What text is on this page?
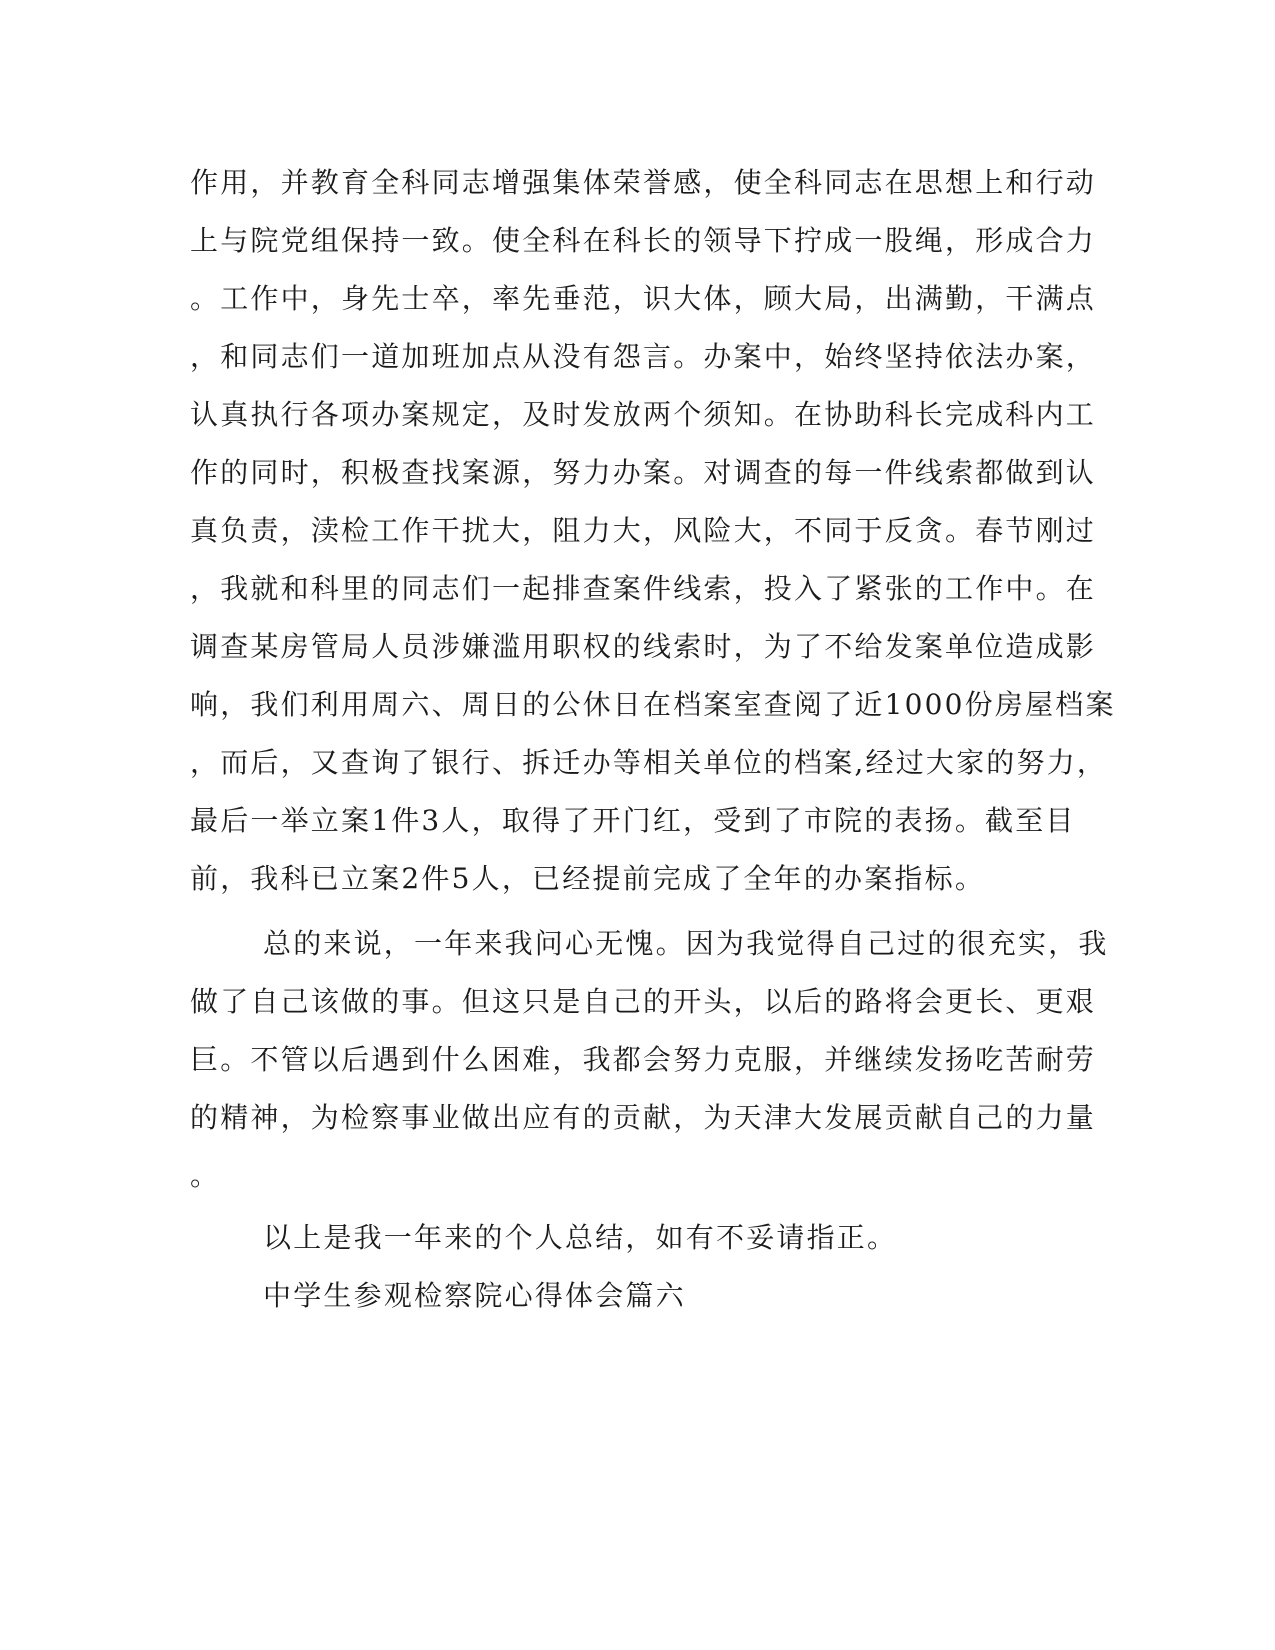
作用，并教育全科同志增强集体荣誉感，使全科同志在思想上和行动
上与院党组保持一致。使全科在科长的领导下拧成一股绳，形成合力
。工作中，身先士卒，率先垂范，识大体，顾大局，出满勤，干满点
，和同志们一道加班加点从没有怨言。办案中，始终坚持依法办案，
认真执行各项办案规定，及时发放两个须知。在协助科长完成科内工
作的同时，积极查找案源，努力办案。对调查的每一件线索都做到认
真负责，渎检工作干扰大，阻力大，风险大，不同于反贪。春节刚过
，我就和科里的同志们一起排查案件线索，投入了紧张的工作中。在
调查某房管局人员涉嫌滥用职权的线索时，为了不给发案单位造成影
响，我们利用周六、周日的公休日在档案室查阅了近1000份房屋档案
，而后，又查询了银行、拆迁办等相关单位的档案,经过大家的努力，
最后一举立案1件3人，取得了开门红，受到了市院的表扬。截至目
前，我科已立案2件5人，已经提前完成了全年的办案指标。
总的来说，一年来我问心无愧。因为我觉得自己过的很充实，我
做了自己该做的事。但这只是自己的开头，以后的路将会更长、更艰
巨。不管以后遇到什么困难，我都会努力克服，并继续发扬吃苦耐劳
的精神，为检察事业做出应有的贡献，为天津大发展贡献自己的力量
。
以上是我一年来的个人总结，如有不妥请指正。
中学生参观检察院心得体会篇六
